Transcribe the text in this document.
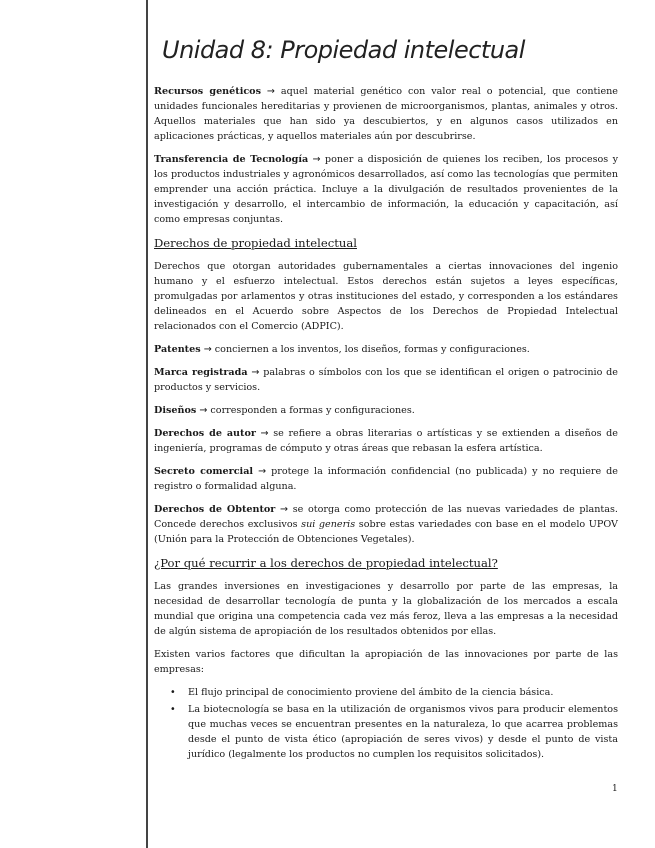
Unidad 8: Propiedad intelectual

Recursos genéticos → aquel material genético con valor real o potencial, que contiene unidades funcionales hereditarias y provienen de microorganismos, plantas, animales y otros. Aquellos materiales que han sido ya descubiertos, y en algunos casos utilizados en aplicaciones prácticas, y aquellos materiales aún por descubrirse.

Transferencia de Tecnología → poner a disposición de quienes los reciben, los procesos y los productos industriales y agronómicos desarrollados, así como las tecnologías que permiten emprender una acción práctica. Incluye a la divulgación de resultados provenientes de la investigación y desarrollo, el intercambio de información, la educación y capacitación, así como empresas conjuntas.

Derechos de propiedad intelectual

Derechos que otorgan autoridades gubernamentales a ciertas innovaciones del ingenio humano y el esfuerzo intelectual. Estos derechos están sujetos a leyes específicas, promulgadas por arlamentos y otras instituciones del estado, y corresponden a los estándares delineados en el Acuerdo sobre Aspectos de los Derechos de Propiedad Intelectual relacionados con el Comercio (ADPIC).

Patentes → conciernen a los inventos, los diseños, formas y configuraciones.

Marca registrada → palabras o símbolos con los que se identifican el origen o patrocinio de productos y servicios.

Diseños → corresponden a formas y configuraciones.

Derechos de autor → se refiere a obras literarias o artísticas y se extienden a diseños de ingeniería, programas de cómputo y otras áreas que rebasan la esfera artística.

Secreto comercial → protege la información confidencial (no publicada) y no requiere de registro o formalidad alguna.

Derechos de Obtentor → se otorga como protección de las nuevas variedades de plantas. Concede derechos exclusivos sui generis sobre estas variedades con base en el modelo UPOV (Unión para la Protección de Obtenciones Vegetales).

¿Por qué recurrir a los derechos de propiedad intelectual?

Las grandes inversiones en investigaciones y desarrollo por parte de las empresas, la necesidad de desarrollar tecnología de punta y la globalización de los mercados a escala mundial que origina una competencia cada vez más feroz, lleva a las empresas a la necesidad de algún sistema de apropiación de los resultados obtenidos por ellas.

Existen varios factores que dificultan la apropiación de las innovaciones por parte de las empresas:

• El flujo principal de conocimiento proviene del ámbito de la ciencia básica.
• La biotecnología se basa en la utilización de organismos vivos para producir elementos que muchas veces se encuentran presentes en la naturaleza, lo que acarrea problemas desde el punto de vista ético (apropiación de seres vivos) y desde el punto de vista jurídico (legalmente los productos no cumplen los requisitos solicitados).
1
